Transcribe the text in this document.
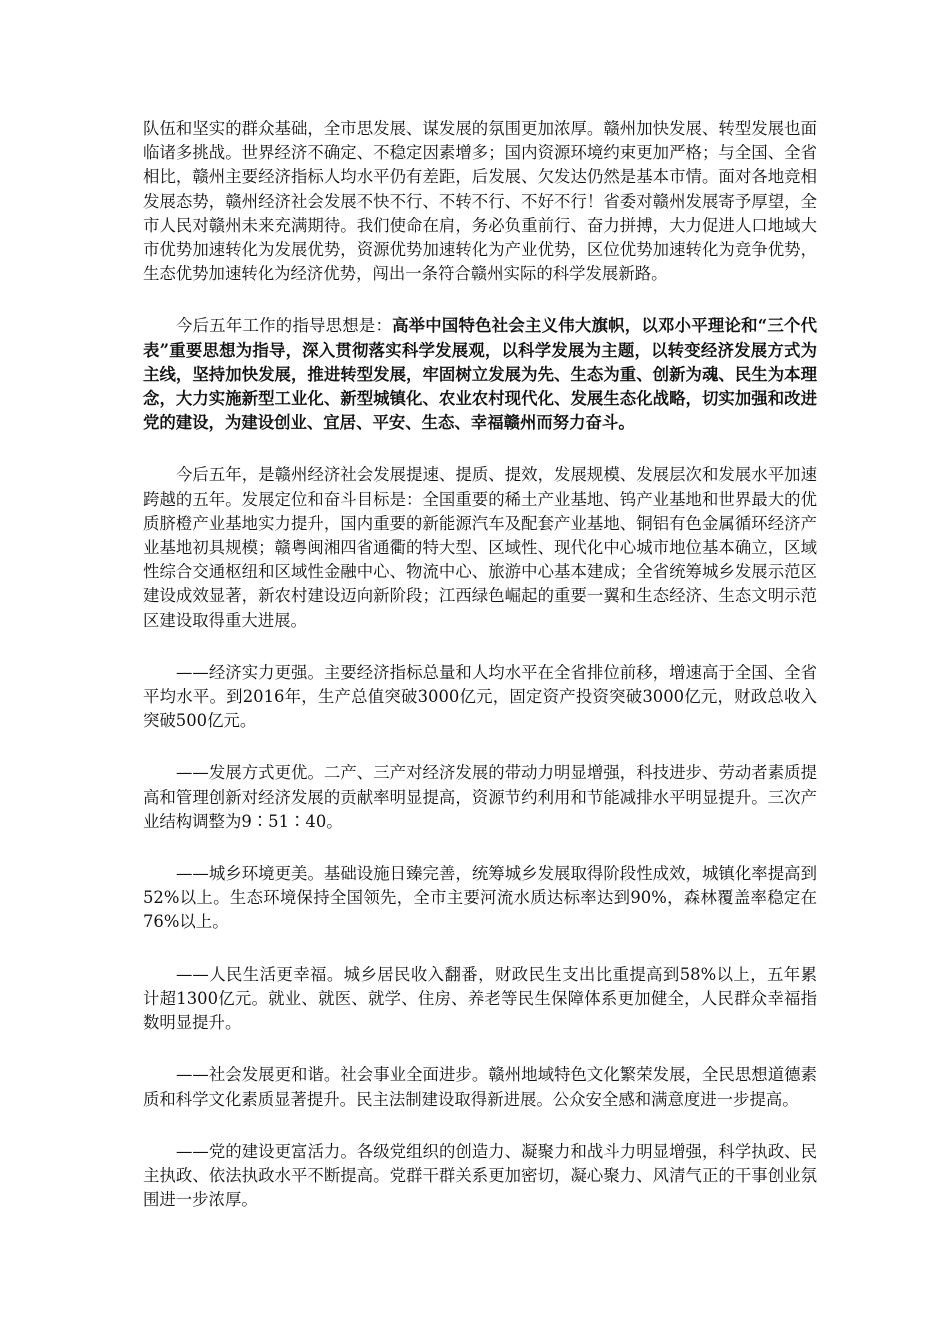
队伍和坚实的群众基础，全市思发展、谋发展的氛围更加浓厚。赣州加快发展、转型发展也面临诸多挑战。世界经济不确定、不稳定因素增多；国内资源环境约束更加严格；与全国、全省相比，赣州主要经济指标人均水平仍有差距，后发展、欠发达仍然是基本市情。面对各地竞相发展态势，赣州经济社会发展不快不行、不转不行、不好不行！省委对赣州发展寄予厚望，全市人民对赣州未来充满期待。我们使命在肩，务必负重前行、奋力拼搏，大力促进人口地域大市优势加速转化为发展优势，资源优势加速转化为产业优势，区位优势加速转化为竞争优势，生态优势加速转化为经济优势，闯出一条符合赣州实际的科学发展新路。

今后五年工作的指导思想是：高举中国特色社会主义伟大旗帜，以邓小平理论和“三个代表”重要思想为指导，深入贯彻落实科学发展观，以科学发展为主题，以转变经济发展方式为主线，坚持加快发展，推进转型发展，牢固树立发展为先、生态为重、创新为魂、民生为本理念，大力实施新型工业化、新型城镇化、农业农村现代化、发展生态化战略，切实加强和改进党的建设，为建设创业、宜居、平安、生态、幸福赣州而努力奋斗。

今后五年，是赣州经济社会发展提速、提质、提效，发展规模、发展层次和发展水平加速跨越的五年。发展定位和奋斗目标是：全国重要的稀土产业基地、钨产业基地和世界最大的优质脐橙产业基地实力提升，国内重要的新能源汽车及配套产业基地、铜铝有色金属循环经济产业基地初具规模；赣粤闽湘四省通衢的特大型、区域性、现代化中心城市地位基本确立，区域性综合交通枢纽和区域性金融中心、物流中心、旅游中心基本建成；全省统筹城乡发展示范区建设成效显著，新农村建设迈向新阶段；江西绿色崛起的重要一翼和生态经济、生态文明示范区建设取得重大进展。

——经济实力更强。主要经济指标总量和人均水平在全省排位前移，增速高于全国、全省平均水平。到2016年，生产总值突破3000亿元，固定资产投资突破3000亿元，财政总收入突破500亿元。

——发展方式更优。二产、三产对经济发展的带动力明显增强，科技进步、劳动者素质提高和管理创新对经济发展的贡献率明显提高，资源节约利用和节能减排水平明显提升。三次产业结构调整为9∶51∶40。

——城乡环境更美。基础设施日臻完善，统筹城乡发展取得阶段性成效，城镇化率提高到52%以上。生态环境保持全国领先，全市主要河流水质达标率达到90%，森林覆盖率稳定在76%以上。

——人民生活更幸福。城乡居民收入翻番，财政民生支出比重提高到58%以上，五年累计超1300亿元。就业、就医、就学、住房、养老等民生保障体系更加健全，人民群众幸福指数明显提升。

——社会发展更和谐。社会事业全面进步。赣州地域特色文化繁荣发展，全民思想道德素质和科学文化素质显著提升。民主法制建设取得新进展。公众安全感和满意度进一步提高。

——党的建设更富活力。各级党组织的创造力、凝聚力和战斗力明显增强，科学执政、民主执政、依法执政水平不断提高。党群干群关系更加密切，凝心聚力、风清气正的干事创业氛围进一步浓厚。
